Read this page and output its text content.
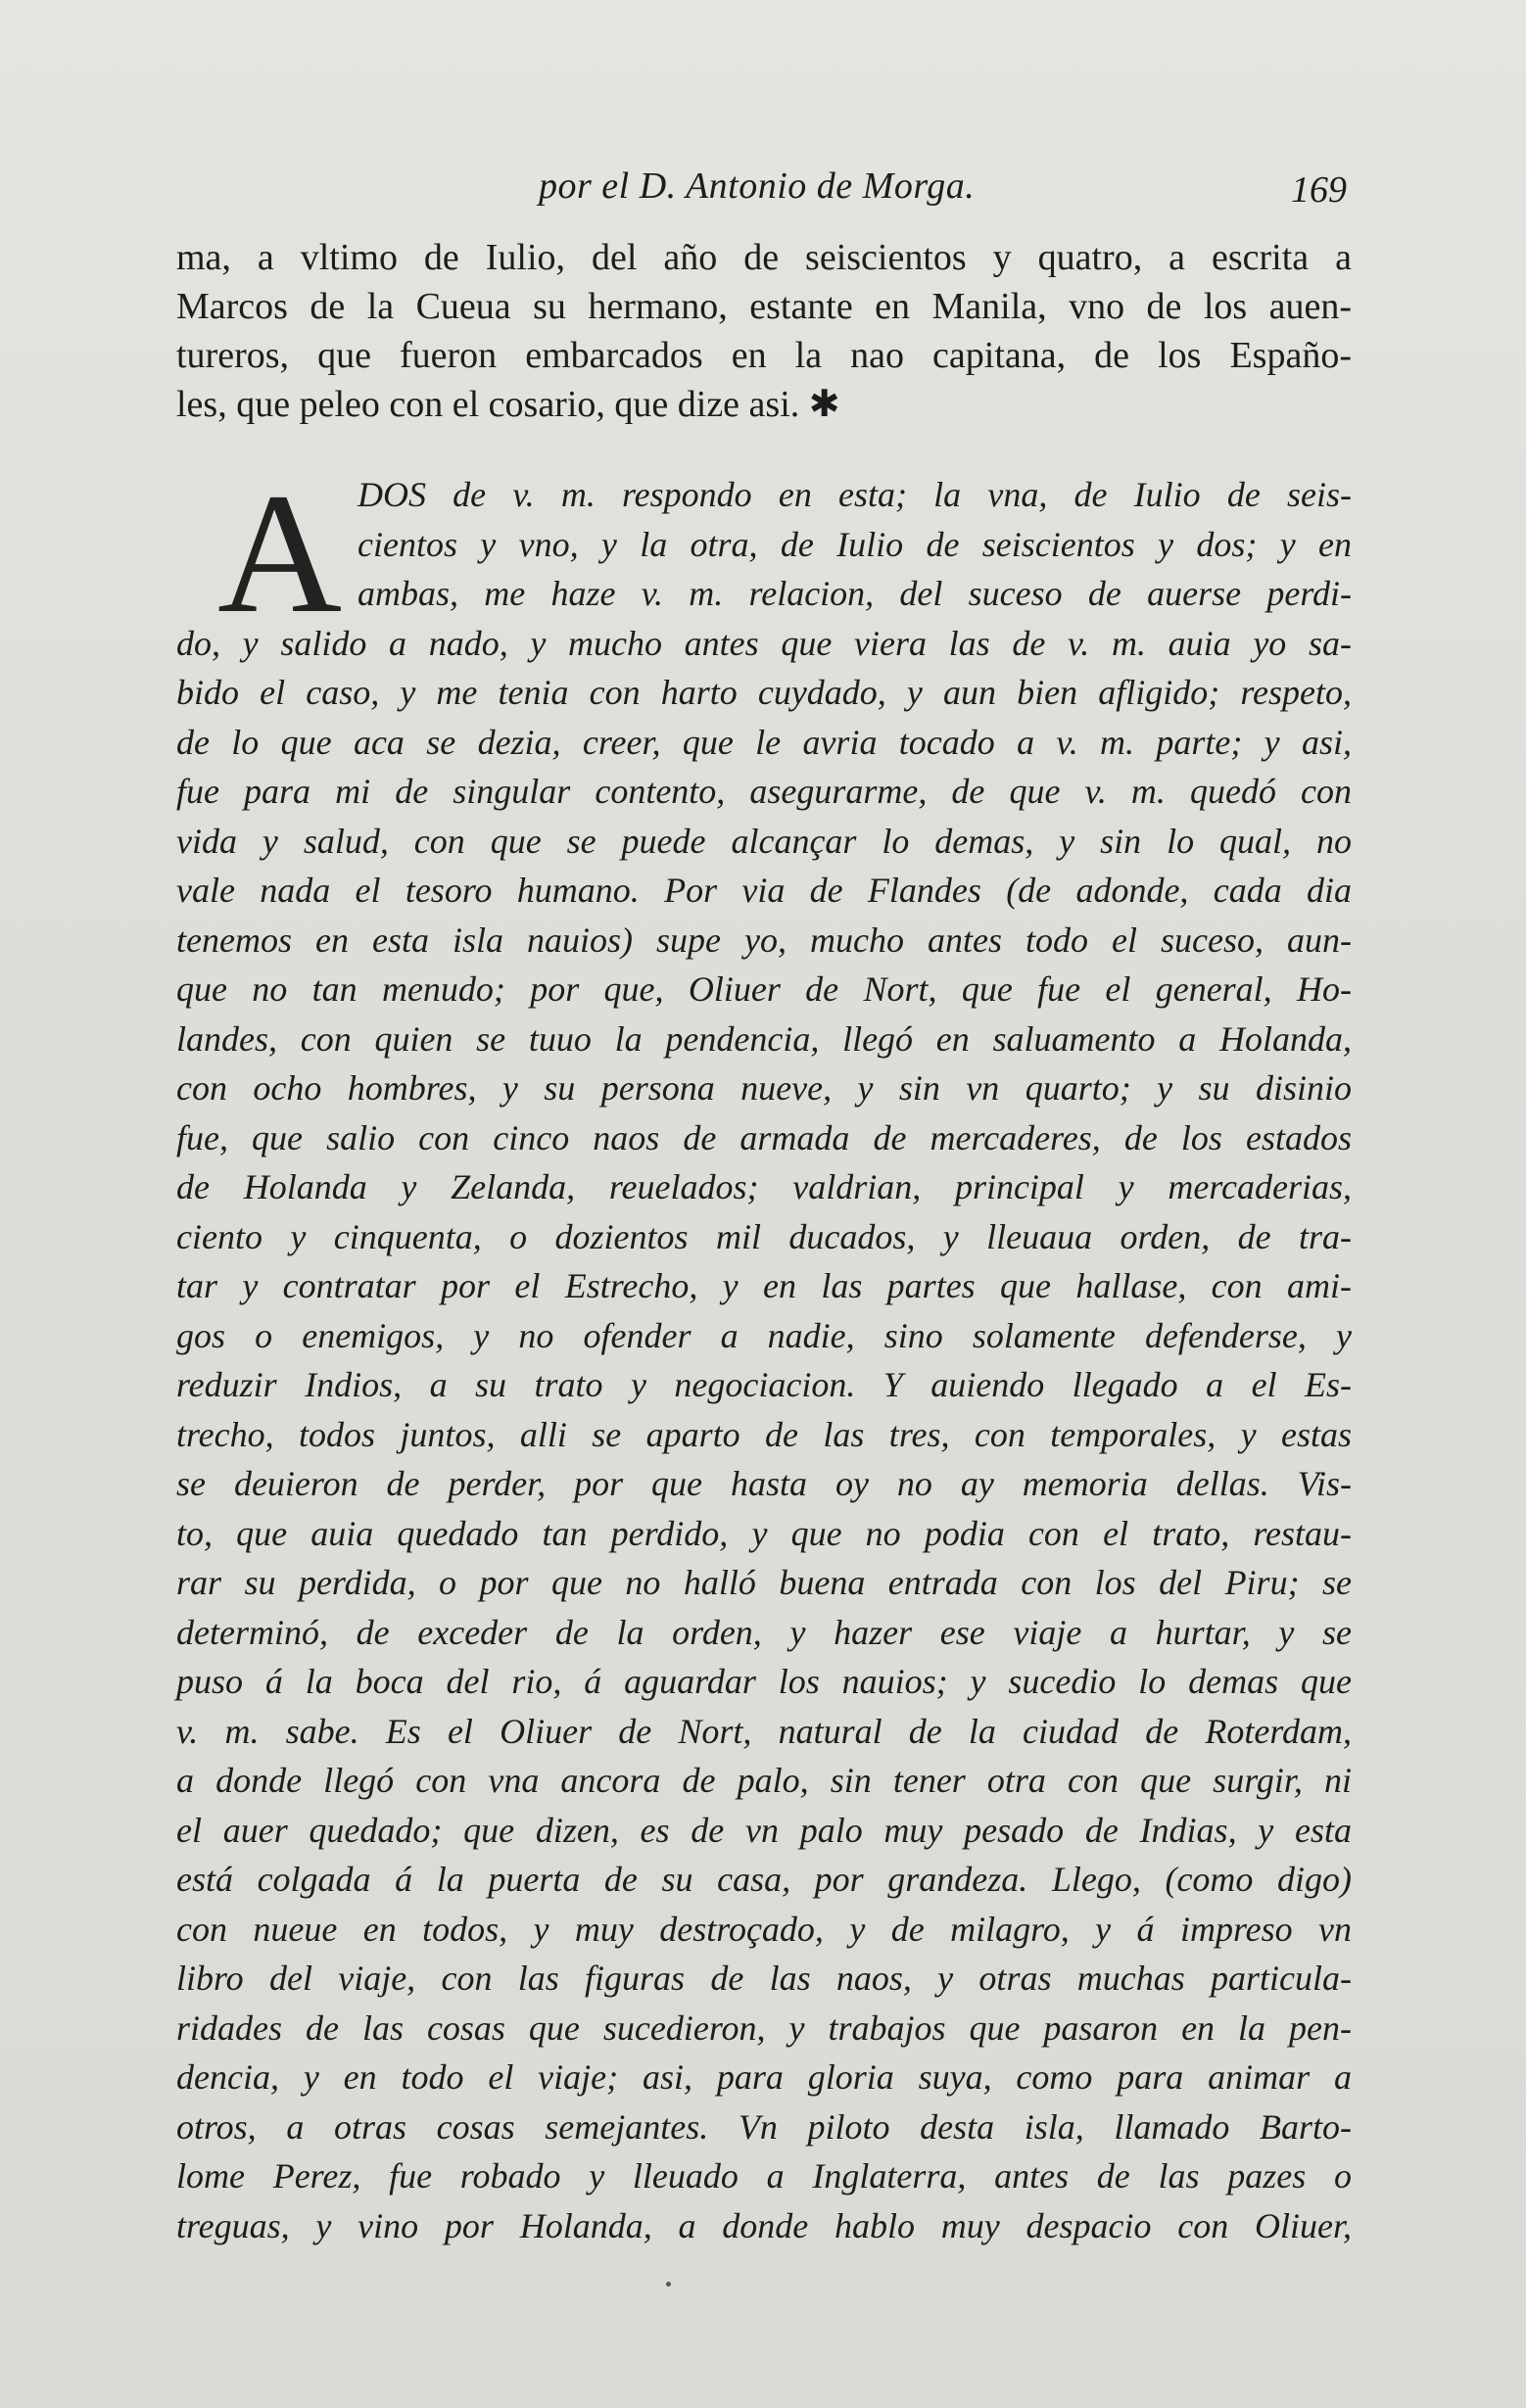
por el D. Antonio de Morga.	169
ma, a vltimo de Iulio, del año de seiscientos y quatro, a escrita a
Marcos de la Cueua su hermano, estante en Manila, vno de los auen-
tureros, que fueron embarcados en la nao capitana, de los Españo-
les, que peleo con el cosario, que dize asi. ✱
A DOS de v. m. respondo en esta; la vna, de Iulio de seis-
cientos y vno, y la otra, de Iulio de seiscientos y dos; y en
ambas, me haze v. m. relacion, del suceso de auerse perdi-
do, y salido a nado, y mucho antes que viera las de v. m. auia yo sa-
bido el caso, y me tenia con harto cuydado, y aun bien afligido; respeto,
de lo que aca se dezia, creer, que le avria tocado a v. m. parte; y asi,
fue para mi de singular contento, asegurarme, de que v. m. quedó con
vida y salud, con que se puede alcançar lo demas, y sin lo qual, no
vale nada el tesoro humano. Por via de Flandes (de adonde, cada dia
tenemos en esta isla nauios) supe yo, mucho antes todo el suceso, aun-
que no tan menudo; por que, Oliuer de Nort, que fue el general, Ho-
landes, con quien se tuuo la pendencia, llegó en saluamento a Holanda,
con ocho hombres, y su persona nueve, y sin vn quarto; y su disinio
fue, que salio con cinco naos de armada de mercaderes, de los estados
de Holanda y Zelanda, reuelados; valdrian, principal y mercaderias,
ciento y cinquenta, o dozientos mil ducados, y lleuaua orden, de tra-
tar y contratar por el Estrecho, y en las partes que hallase, con ami-
gos o enemigos, y no ofender a nadie, sino solamente defenderse, y
reduzir Indios, a su trato y negociacion. Y auiendo llegado a el Es-
trecho, todos juntos, alli se aparto de las tres, con temporales, y estas
se deuieron de perder, por que hasta oy no ay memoria dellas. Vis-
to, que auia quedado tan perdido, y que no podia con el trato, restau-
rar su perdida, o por que no halló buena entrada con los del Piru; se
determinó, de exceder de la orden, y hazer ese viaje a hurtar, y se
puso á la boca del rio, á aguardar los nauios; y sucedio lo demas que
v. m. sabe. Es el Oliuer de Nort, natural de la ciudad de Roterdam,
a donde llegó con vna ancora de palo, sin tener otra con que surgir, ni
el auer quedado; que dizen, es de vn palo muy pesado de Indias, y esta
está colgada á la puerta de su casa, por grandeza. Llego, (como digo)
con nueue en todos, y muy destroçado, y de milagro, y á impreso vn
libro del viaje, con las figuras de las naos, y otras muchas particula-
ridades de las cosas que sucedieron, y trabajos que pasaron en la pen-
dencia, y en todo el viaje; asi, para gloria suya, como para animar a
otros, a otras cosas semejantes. Vn piloto desta isla, llamado Barto-
lome Perez, fue robado y lleuado a Inglaterra, antes de las pazes o
treguas, y vino por Holanda, a donde hablo muy despacio con Oliuer,
